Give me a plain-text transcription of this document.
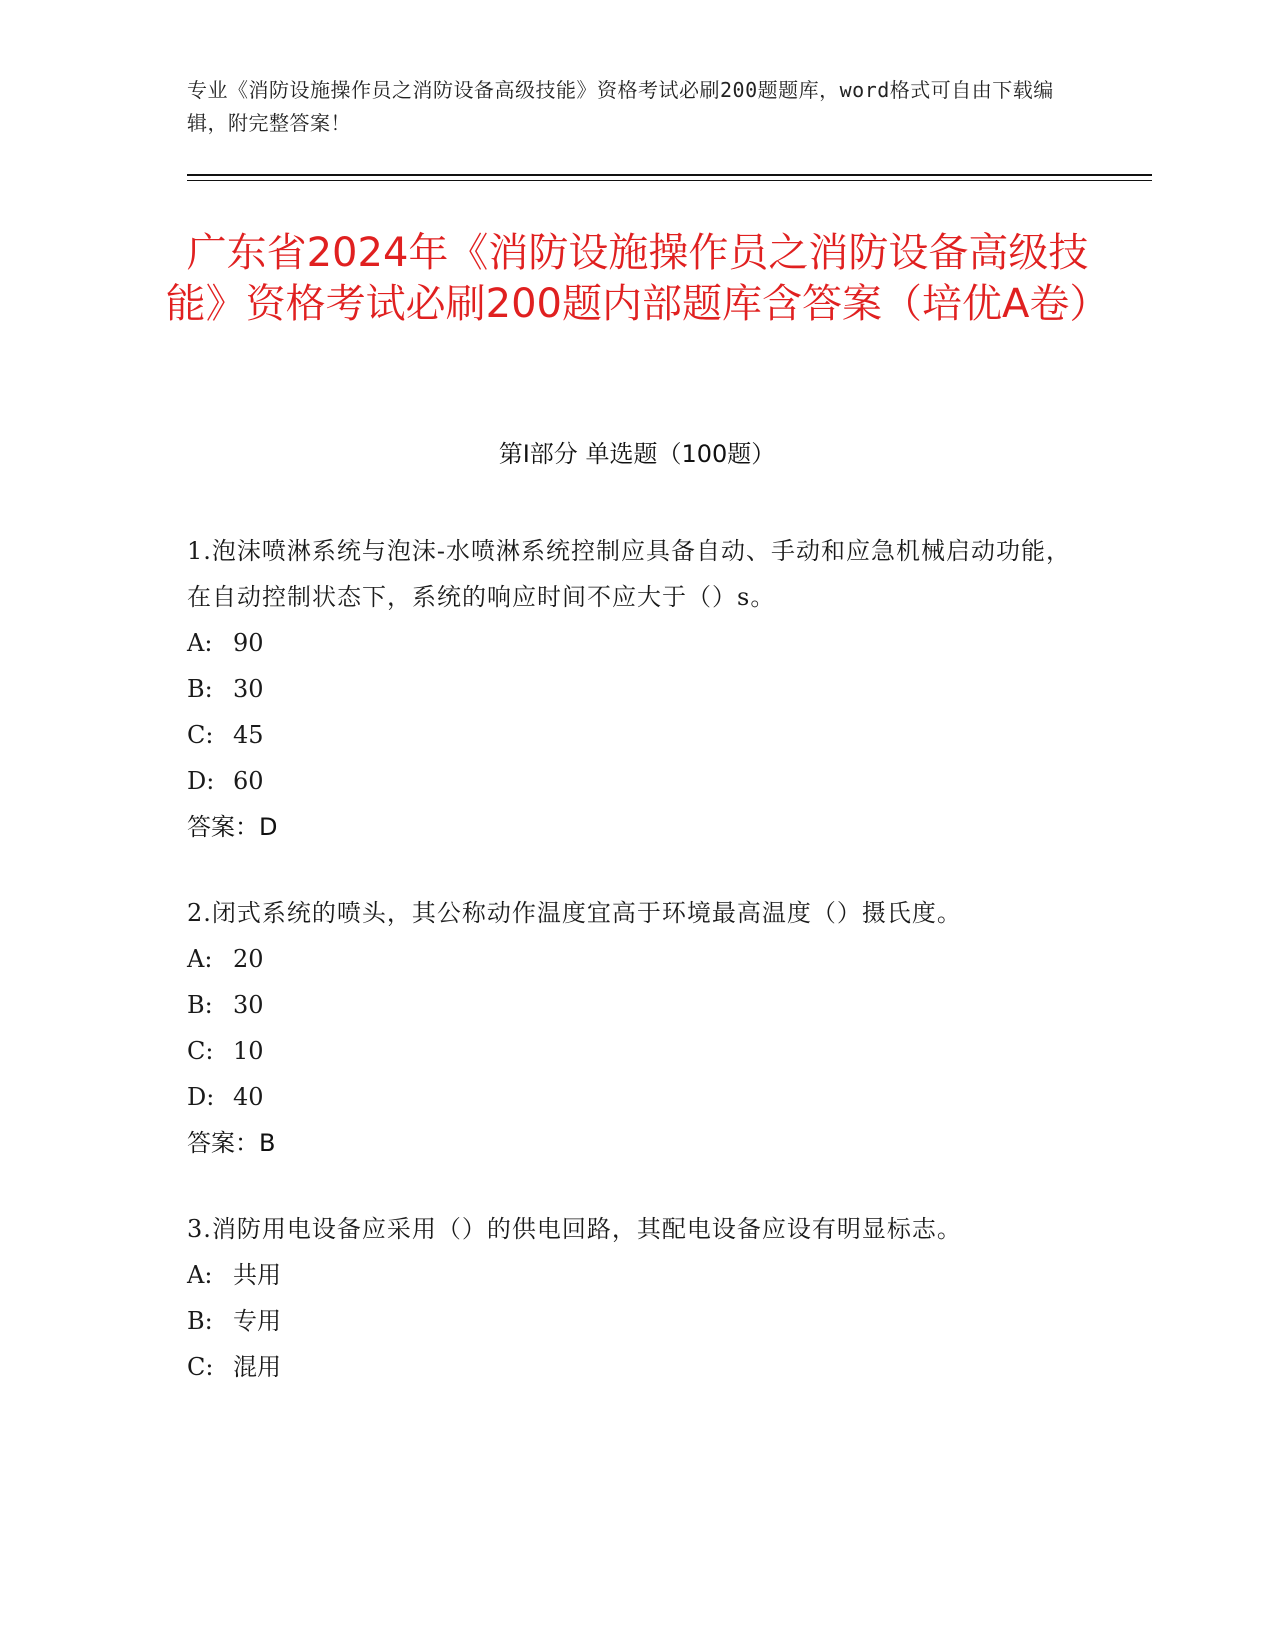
专业《消防设施操作员之消防设备高级技能》资格考试必刷200题题库，word格式可自由下载编辑，附完整答案！
广东省2024年《消防设施操作员之消防设备高级技能》资格考试必刷200题内部题库含答案（培优A卷）
第I部分 单选题（100题）

1.泡沫喷淋系统与泡沫-水喷淋系统控制应具备自动、手动和应急机械启动功能，在自动控制状态下，系统的响应时间不应大于（）s。

A: 90

B: 30

C: 45

D: 60

答案：D

2.闭式系统的喷头，其公称动作温度宜高于环境最高温度（）摄氏度。

A: 20

B: 30

C: 10

D: 40

答案：B

3.消防用电设备应采用（）的供电回路，其配电设备应设有明显标志。

A: 共用

B: 专用

C: 混用
